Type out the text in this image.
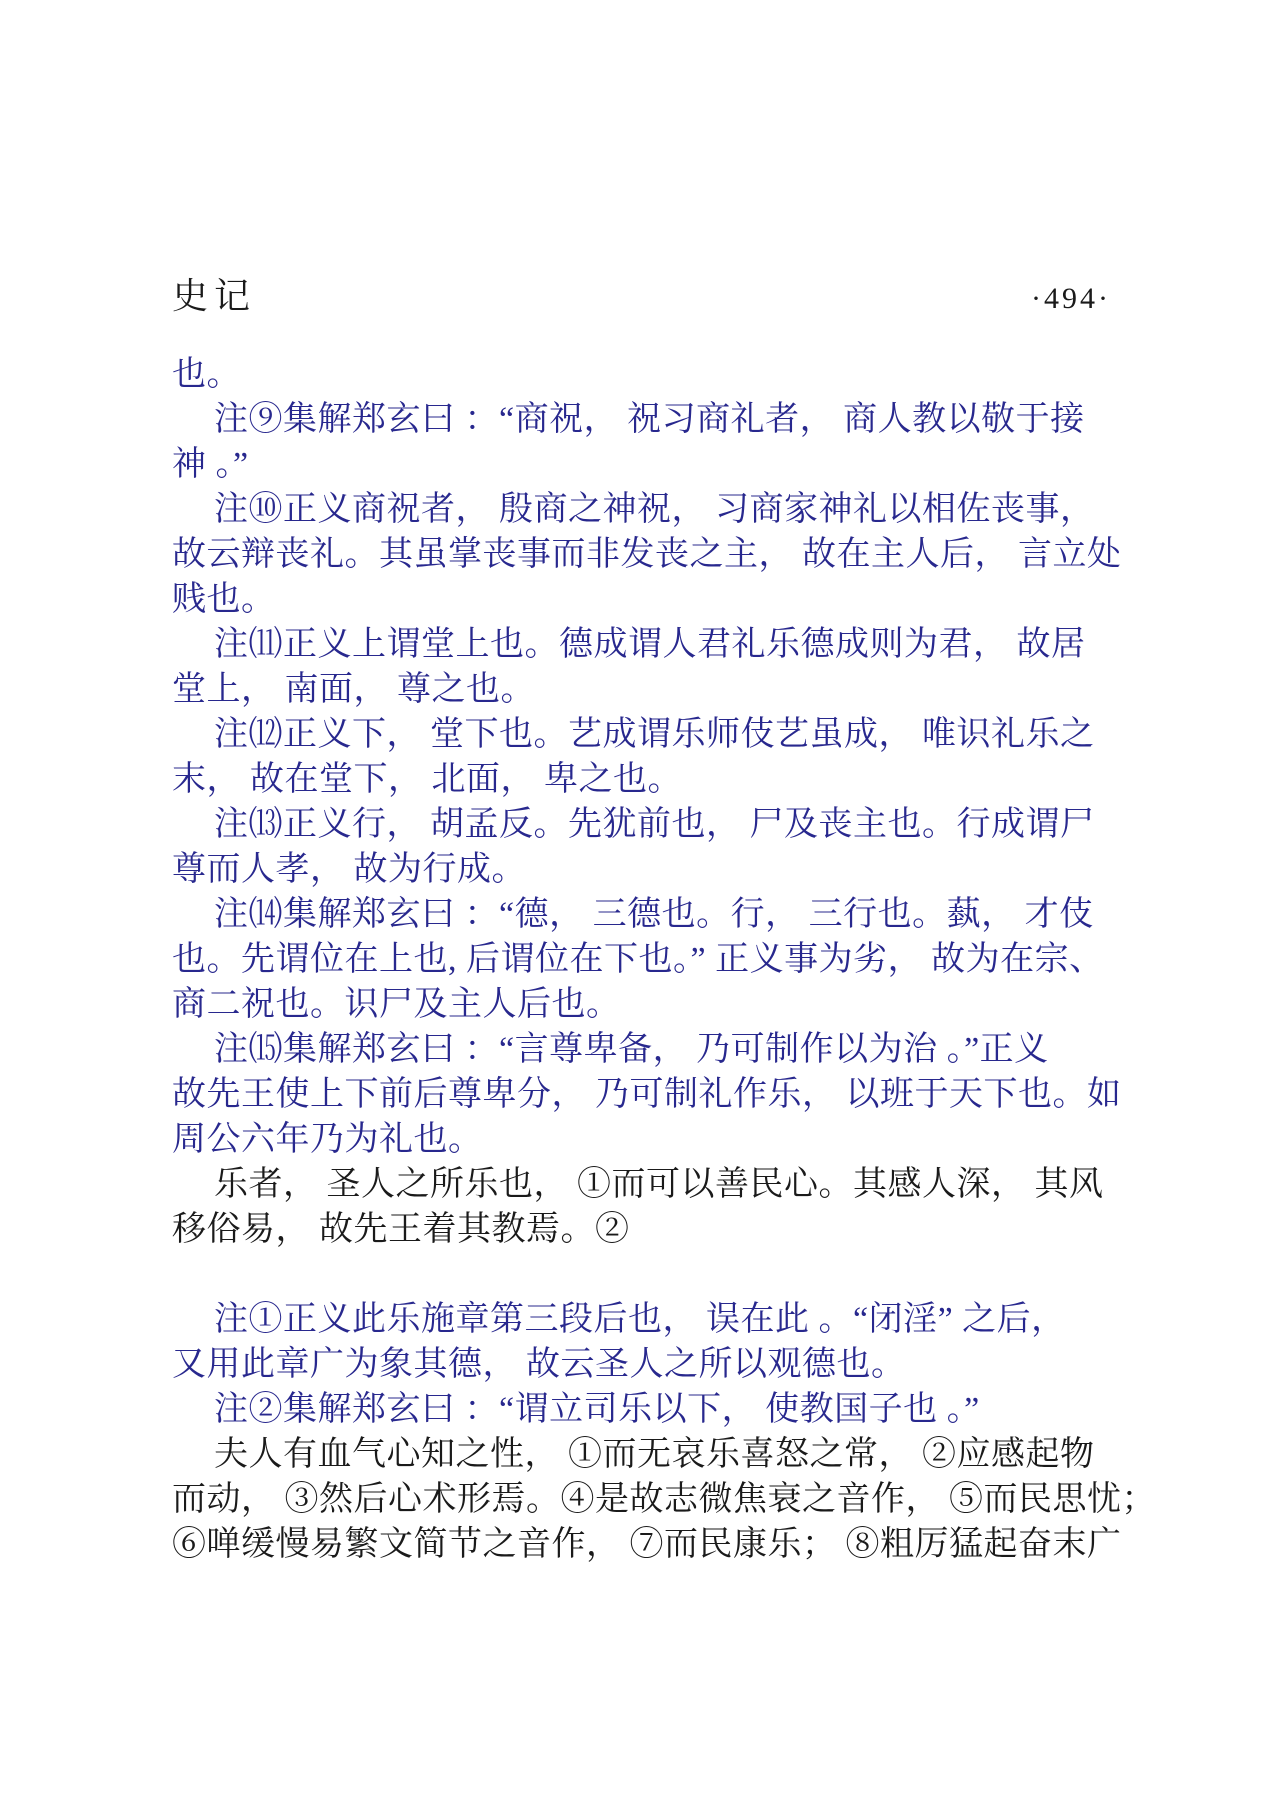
史记	·494·
也。
注⑨集解郑玄曰 ：“商祝， 祝习商礼者， 商人教以敬于接
神 。”
注⑩正义商祝者， 殷商之神祝， 习商家神礼以相佐丧事，
故云辩丧礼。其虽掌丧事而非发丧之主， 故在主人后， 言立处
贱也。
注⑾正义上谓堂上也。德成谓人君礼乐德成则为君， 故居
堂上， 南面， 尊之也。
注⑿正义下， 堂下也。艺成谓乐师伎艺虽成， 唯识礼乐之
末， 故在堂下， 北面， 卑之也。
注⒀正义行， 胡孟反。先犹前也， 尸及丧主也。行成谓尸
尊而人孝， 故为行成。
注⒁集解郑玄曰 ：“德， 三德也。行， 三行也。蓺， 才伎
也。先谓位在上也, 后谓位在下也。” 正义事为劣， 故为在宗、
商二祝也。识尸及主人后也。
注⒂集解郑玄曰 ：“言尊卑备， 乃可制作以为治 。”正义
故先王使上下前后尊卑分， 乃可制礼作乐， 以班于天下也。如
周公六年乃为礼也。
乐者， 圣人之所乐也， ①而可以善民心。其感人深， 其风
移俗易， 故先王着其教焉。②
注①正义此乐施章第三段后也， 误在此 。“闭淫” 之后，
又用此章广为象其德， 故云圣人之所以观德也。
注②集解郑玄曰 ：“谓立司乐以下， 使教国子也 。”
夫人有血气心知之性， ①而无哀乐喜怒之常， ②应感起物
而动， ③然后心术形焉。④是故志微焦衰之音作， ⑤而民思忧；
⑥啴缓慢易繁文简节之音作， ⑦而民康乐； ⑧粗厉猛起奋末广
